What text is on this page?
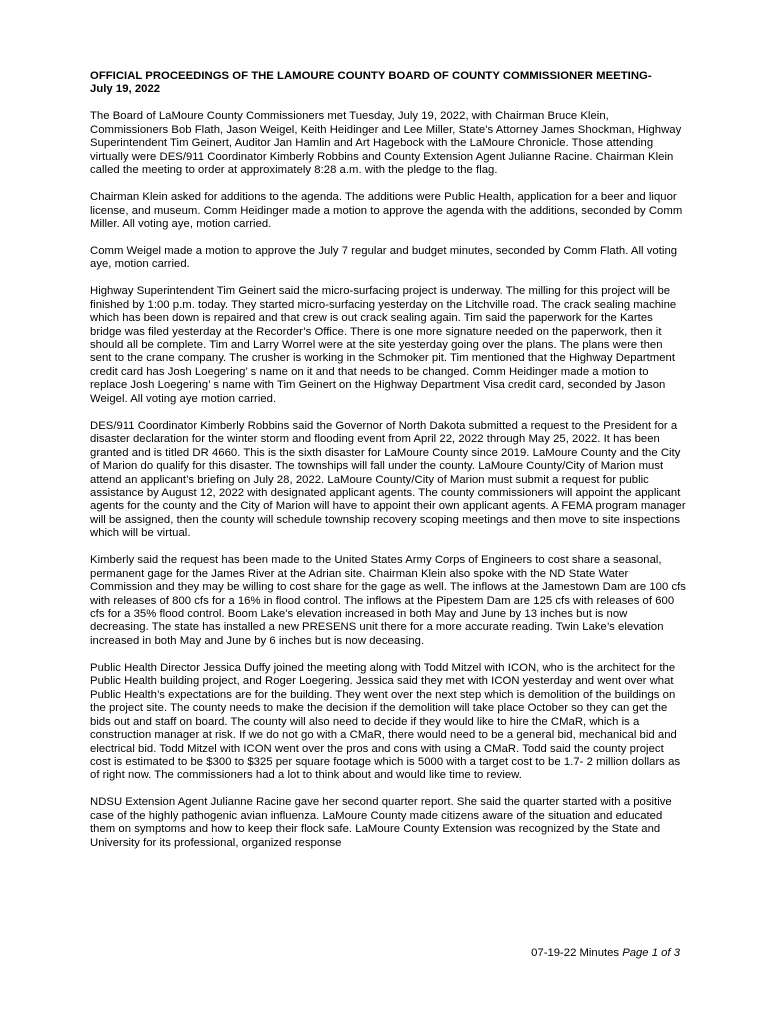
OFFICIAL PROCEEDINGS OF THE LAMOURE COUNTY BOARD OF COUNTY COMMISSIONER MEETING-
July 19, 2022

The Board of LaMoure County Commissioners met Tuesday, July 19, 2022, with Chairman Bruce Klein, Commissioners Bob Flath, Jason Weigel, Keith Heidinger and Lee Miller, State’s Attorney James Shockman, Highway Superintendent Tim Geinert, Auditor Jan Hamlin and Art Hagebock with the LaMoure Chronicle. Those attending virtually were DES/911 Coordinator Kimberly Robbins and County Extension Agent Julianne Racine. Chairman Klein called the meeting to order at approximately 8:28 a.m. with the pledge to the flag.

Chairman Klein asked for additions to the agenda. The additions were Public Health, application for a beer and liquor license, and museum. Comm Heidinger made a motion to approve the agenda with the additions, seconded by Comm Miller. All voting aye, motion carried.

Comm Weigel made a motion to approve the July 7 regular and budget minutes, seconded by Comm Flath. All voting aye, motion carried.

Highway Superintendent Tim Geinert said the micro-surfacing project is underway. The milling for this project will be finished by 1:00 p.m. today. They started micro-surfacing yesterday on the Litchville road. The crack sealing machine which has been down is repaired and that crew is out crack sealing again. Tim said the paperwork for the Kartes bridge was filed yesterday at the Recorder’s Office. There is one more signature needed on the paperwork, then it should all be complete. Tim and Larry Worrel were at the site yesterday going over the plans. The plans were then sent to the crane company. The crusher is working in the Schmoker pit. Tim mentioned that the Highway Department credit card has Josh Loegering’ s name on it and that needs to be changed. Comm Heidinger made a motion to replace Josh Loegering’ s name with Tim Geinert on the Highway Department Visa credit card, seconded by Jason Weigel. All voting aye motion carried.

DES/911 Coordinator Kimberly Robbins said the Governor of North Dakota submitted a request to the President for a disaster declaration for the winter storm and flooding event from April 22, 2022 through May 25, 2022. It has been granted and is titled DR 4660. This is the sixth disaster for LaMoure County since 2019. LaMoure County and the City of Marion do qualify for this disaster. The townships will fall under the county. LaMoure County/City of Marion must attend an applicant’s briefing on July 28, 2022. LaMoure County/City of Marion must submit a request for public assistance by August 12, 2022 with designated applicant agents. The county commissioners will appoint the applicant agents for the county and the City of Marion will have to appoint their own applicant agents. A FEMA program manager will be assigned, then the county will schedule township recovery scoping meetings and then move to site inspections which will be virtual.

Kimberly said the request has been made to the United States Army Corps of Engineers to cost share a seasonal, permanent gage for the James River at the Adrian site. Chairman Klein also spoke with the ND State Water Commission and they may be willing to cost share for the gage as well. The inflows at the Jamestown Dam are 100 cfs with releases of 800 cfs for a 16% in flood control. The inflows at the Pipestem Dam are 125 cfs with releases of 600 cfs for a 35% flood control. Boom Lake’s elevation increased in both May and June by 13 inches but is now decreasing. The state has installed a new PRESENS unit there for a more accurate reading. Twin Lake’s elevation increased in both May and June by 6 inches but is now deceasing.

Public Health Director Jessica Duffy joined the meeting along with Todd Mitzel with ICON, who is the architect for the Public Health building project, and Roger Loegering. Jessica said they met with ICON yesterday and went over what Public Health’s expectations are for the building. They went over the next step which is demolition of the buildings on the project site. The county needs to make the decision if the demolition will take place October so they can get the bids out and staff on board. The county will also need to decide if they would like to hire the CMaR, which is a construction manager at risk. If we do not go with a CMaR, there would need to be a general bid, mechanical bid and electrical bid. Todd Mitzel with ICON went over the pros and cons with using a CMaR. Todd said the county project cost is estimated to be $300 to $325 per square footage which is 5000 with a target cost to be 1.7- 2 million dollars as of right now. The commissioners had a lot to think about and would like time to review.

NDSU Extension Agent Julianne Racine gave her second quarter report. She said the quarter started with a positive case of the highly pathogenic avian influenza. LaMoure County made citizens aware of the situation and educated them on symptoms and how to keep their flock safe. LaMoure County Extension was recognized by the State and University for its professional, organized response

07-19-22 Minutes Page 1 of 3
